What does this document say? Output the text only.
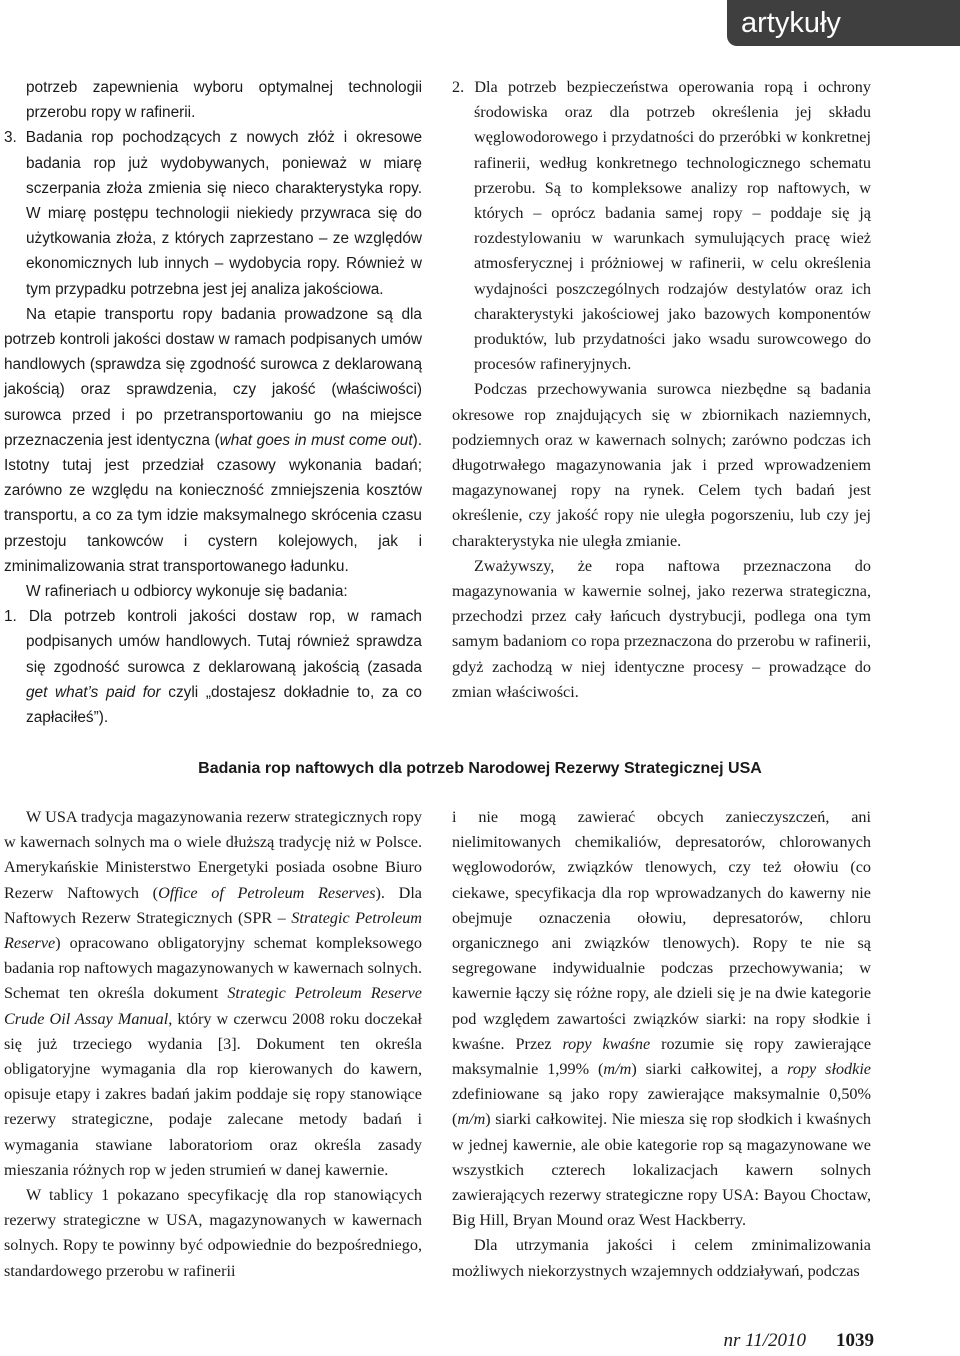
artykuły

potrzeb zapewnienia wyboru optymalnej technologii przerobu ropy w rafinerii.

3. Badania rop pochodzących z nowych złóż i okresowe badania rop już wydobywanych, ponieważ w miarę sczerpania złoża zmienia się nieco charakterystyka ropy. W miarę postępu technologii niekiedy przywraca się do użytkowania złoża, z których zaprzestano – ze względów ekonomicznych lub innych – wydobycia ropy. Również w tym przypadku potrzebna jest jej analiza jakościowa.

Na etapie transportu ropy badania prowadzone są dla potrzeb kontroli jakości dostaw w ramach podpisanych umów handlowych (sprawdza się zgodność surowca z deklarowaną jakością) oraz sprawdzenia, czy jakość (właściwości) surowca przed i po przetransportowaniu go na miejsce przeznaczenia jest identyczna (what goes in must come out). Istotny tutaj jest przedział czasowy wykonania badań; zarówno ze względu na konieczność zmniejszenia kosztów transportu, a co za tym idzie maksymalnego skrócenia czasu przestoju tankowców i cystern kolejowych, jak i zminimalizowania strat transportowanego ładunku.

W rafineriach u odbiorcy wykonuje się badania:

1. Dla potrzeb kontroli jakości dostaw rop, w ramach podpisanych umów handlowych. Tutaj również sprawdza się zgodność surowca z deklarowaną jakością (zasada get what’s paid for czyli „dostajesz dokładnie to, za co zapłaciłeś”).

2. Dla potrzeb bezpieczeństwa operowania ropą i ochrony środowiska oraz dla potrzeb określenia jej składu węglowodorowego i przydatności do przeróbki w konkretnej rafinerii, według konkretnego technologicznego schematu przerobu. Są to kompleksowe analizy rop naftowych, w których – oprócz badania samej ropy – poddaje się ją rozdestylowaniu w warunkach symulujących pracę wież atmosferycznej i próżniowej w rafinerii, w celu określenia wydajności poszczególnych rodzajów destylatów oraz ich charakterystyki jakościowej jako bazowych komponentów produktów, lub przydatności jako wsadu surowcowego do procesów rafineryjnych.

Podczas przechowywania surowca niezbędne są badania okresowe rop znajdujących się w zbiornikach naziemnych, podziemnych oraz w kawernach solnych; zarówno podczas ich długotrwałego magazynowania jak i przed wprowadzeniem magazynowanej ropy na rynek. Celem tych badań jest określenie, czy jakość ropy nie uległa pogorszeniu, lub czy jej charakterystyka nie uległa zmianie.

Zważywszy, że ropa naftowa przeznaczona do magazynowania w kawernie solnej, jako rezerwa strategiczna, przechodzi przez cały łańcuch dystrybucji, podlega ona tym samym badaniom co ropa przeznaczona do przerobu w rafinerii, gdyż zachodzą w niej identyczne procesy – prowadzące do zmian właściwości.

Badania rop naftowych dla potrzeb Narodowej Rezerwy Strategicznej USA

W USA tradycja magazynowania rezerw strategicznych ropy w kawernach solnych ma o wiele dłuższą tradycję niż w Polsce. Amerykańskie Ministerstwo Energetyki posiada osobne Biuro Rezerw Naftowych (Office of Petroleum Reserves). Dla Naftowych Rezerw Strategicznych (SPR – Strategic Petroleum Reserve) opracowano obligatoryjny schemat kompleksowego badania rop naftowych magazynowanych w kawernach solnych. Schemat ten określa dokument Strategic Petroleum Reserve Crude Oil Assay Manual, który w czerwcu 2008 roku doczekał się już trzeciego wydania [3]. Dokument ten określa obligatoryjne wymagania dla rop kierowanych do kawern, opisuje etapy i zakres badań jakim poddaje się ropy stanowiące rezerwy strategiczne, podaje zalecane metody badań i wymagania stawiane laboratoriom oraz określa zasady mieszania różnych rop w jeden strumień w danej kawernie.

W tablicy 1 pokazano specyfikację dla rop stanowiących rezerwy strategiczne w USA, magazynowanych w kawernach solnych. Ropy te powinny być odpowiednie do bezpośredniego, standardowego przerobu w rafinerii

i nie mogą zawierać obcych zanieczyszczeń, ani nielimitowanych chemikaliów, depresatorów, chlorowanych węglowodorów, związków tlenowych, czy też ołowiu (co ciekawe, specyfikacja dla rop wprowadzanych do kawerny nie obejmuje oznaczenia ołowiu, depresatorów, chloru organicznego ani związków tlenowych). Ropy te nie są segregowane indywidualnie podczas przechowywania; w kawernie łączy się różne ropy, ale dzieli się je na dwie kategorie pod względem zawartości związków siarki: na ropy słodkie i kwaśne. Przez ropy kwaśne rozumie się ropy zawierające maksymalnie 1,99% (m/m) siarki całkowitej, a ropy słodkie zdefiniowane są jako ropy zawierające maksymalnie 0,50% (m/m) siarki całkowitej. Nie miesza się rop słodkich i kwaśnych w jednej kawernie, ale obie kategorie rop są magazynowane we wszystkich czterech lokalizacjach kawern solnych zawierających rezerwy strategiczne ropy USA: Bayou Choctaw, Big Hill, Bryan Mound oraz West Hackberry.

Dla utrzymania jakości i celem zminimalizowania możliwych niekorzystnych wzajemnych oddziaływań, podczas

nr 11/2010 1039
